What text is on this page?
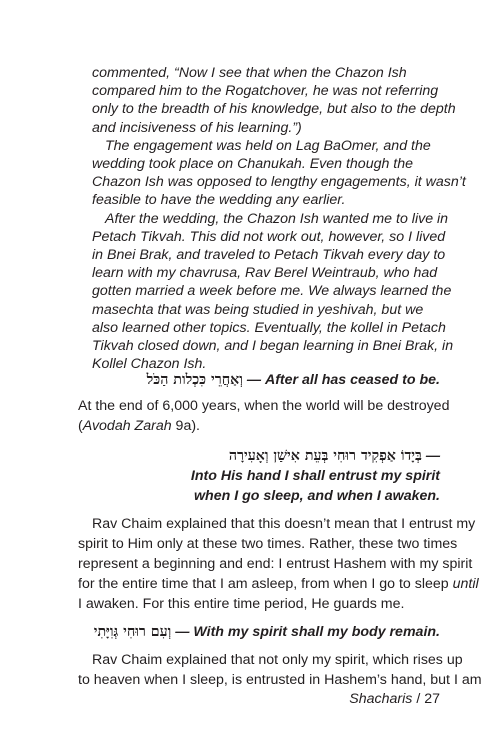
commented, “Now I see that when the Chazon Ish
compared him to the Rogatchover, he was not referring
only to the breadth of his knowledge, but also to the depth
and incisiveness of his learning.”)
The engagement was held on Lag BaOmer, and the
wedding took place on Chanukah. Even though the
Chazon Ish was opposed to lengthy engagements, it wasn’t
feasible to have the wedding any earlier.
After the wedding, the Chazon Ish wanted me to live in
Petach Tikvah. This did not work out, however, so I lived
in Bnei Brak, and traveled to Petach Tikvah every day to
learn with my chavrusa, Rav Berel Weintraub, who had
gotten married a week before me. We always learned the
masechta that was being studied in yeshivah, but we
also learned other topics. Eventually, the kollel in Petach
Tikvah closed down, and I began learning in Bnei Brak, in
Kollel Chazon Ish.
וְאַחֲרֵי כִּכְלות הַכֹּל — After all has ceased to be.
At the end of 6,000 years, when the world will be destroyed
(Avodah Zarah 9a).
בְּיָדוֹ אַפְקִיד רוּחִי בְּעֵת אִישַׁן וְאָעִירָה —
Into His hand I shall entrust my spirit
when I go sleep, and when I awaken.
Rav Chaim explained that this doesn’t mean that I entrust my
spirit to Him only at these two times. Rather, these two times
represent a beginning and end: I entrust Hashem with my spirit
for the entire time that I am asleep, from when I go to sleep until
I awaken. For this entire time period, He guards me.
וְעִם רוּחִי גְּוִיָּתִי — With my spirit shall my body remain.
Rav Chaim explained that not only my spirit, which rises up
to heaven when I sleep, is entrusted in Hashem’s hand, but I am
Shacharis / 27
